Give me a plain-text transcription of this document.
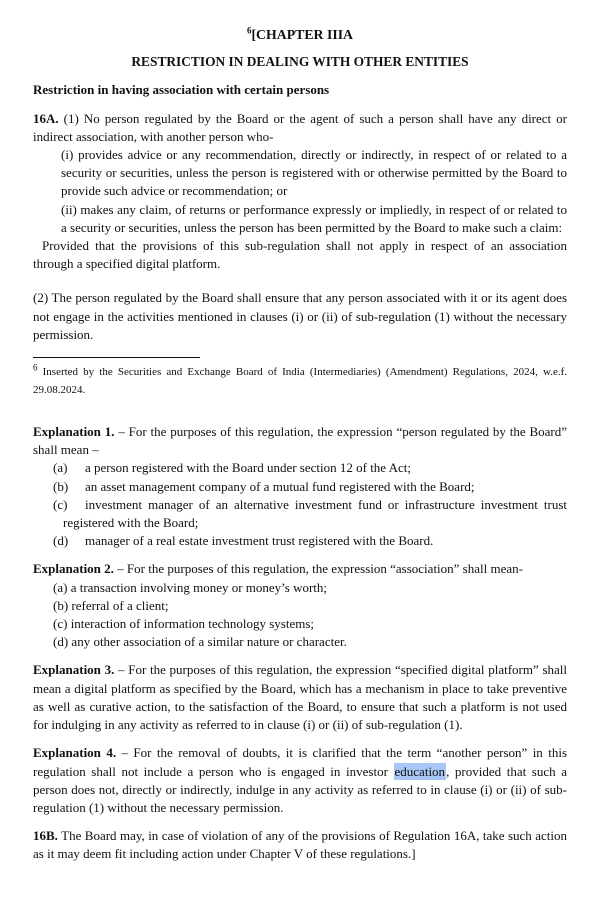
$^6$[CHAPTER IIIA
RESTRICTION IN DEALING WITH OTHER ENTITIES
Restriction in having association with certain persons

16A. (1) No person regulated by the Board or the agent of such a person shall have any direct or indirect association, with another person who-

(i) provides advice or any recommendation, directly or indirectly, in respect of or related to a security or securities, unless the person is registered with or otherwise permitted by the Board to provide such advice or recommendation; or

(ii) makes any claim, of returns or performance expressly or impliedly, in respect of or related to a security or securities, unless the person has been permitted by the Board to make such a claim:

Provided that the provisions of this sub-regulation shall not apply in respect of an association through a specified digital platform.

(2) The person regulated by the Board shall ensure that any person associated with it or its agent does not engage in the activities mentioned in clauses (i) or (ii) of sub-regulation (1) without the necessary permission.

$^6$ Inserted by the Securities and Exchange Board of India (Intermediaries) (Amendment) Regulations, 2024, w.e.f. 29.08.2024.

Explanation 1. – For the purposes of this regulation, the expression “person regulated by the Board” shall mean –

(a) a person registered with the Board under section 12 of the Act;

(b) an asset management company of a mutual fund registered with the Board;

(c) investment manager of an alternative investment fund or infrastructure investment trust registered with the Board;

(d) manager of a real estate investment trust registered with the Board.

Explanation 2. – For the purposes of this regulation, the expression “association” shall mean-

(a) a transaction involving money or money’s worth;

(b) referral of a client;

(c) interaction of information technology systems;

(d) any other association of a similar nature or character.

Explanation 3. – For the purposes of this regulation, the expression “specified digital platform” shall mean a digital platform as specified by the Board, which has a mechanism in place to take preventive as well as curative action, to the satisfaction of the Board, to ensure that such a platform is not used for indulging in any activity as referred to in clause (i) or (ii) of sub-regulation (1).

Explanation 4. – For the removal of doubts, it is clarified that the term “another person” in this regulation shall not include a person who is engaged in investor education, provided that such a person does not, directly or indirectly, indulge in any activity as referred to in clause (i) or (ii) of sub-regulation (1) without the necessary permission.

16B. The Board may, in case of violation of any of the provisions of Regulation 16A, take such action as it may deem fit including action under Chapter V of these regulations.]
